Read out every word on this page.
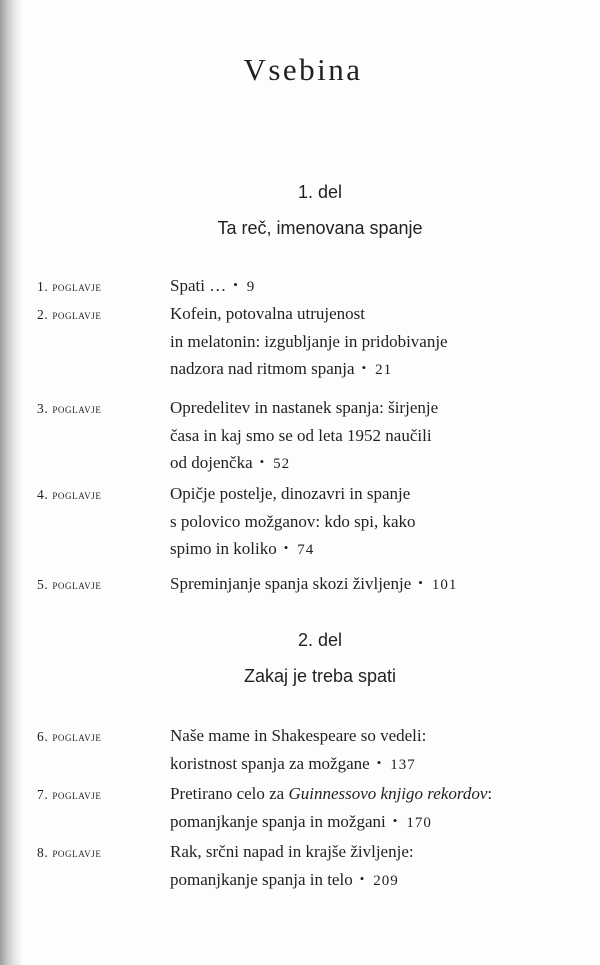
Vsebina
1. del
Ta reč, imenovana spanje
1. poglavje	Spati … • 9
2. poglavje	Kofein, potovalna utrujenost
in melatonin: izgubljanje in pridobivanje
nadzora nad ritmom spanja • 21
3. poglavje	Opredelitev in nastanek spanja: širjenje
časa in kaj smo se od leta 1952 naučili
od dojenčka • 52
4. poglavje	Opičje postelje, dinozavri in spanje
s polovico možganov: kdo spi, kako
spimo in koliko • 74
5. poglavje	Spreminjanje spanja skozi življenje • 101
2. del
Zakaj je treba spati
6. poglavje	Naše mame in Shakespeare so vedeli:
koristnost spanja za možgane • 137
7. poglavje	Pretirano celo za Guinnessovo knjigo rekordov:
pomanjkanje spanja in možgani • 170
8. poglavje	Rak, srčni napad in krajše življenje:
pomanjkanje spanja in telo • 209
